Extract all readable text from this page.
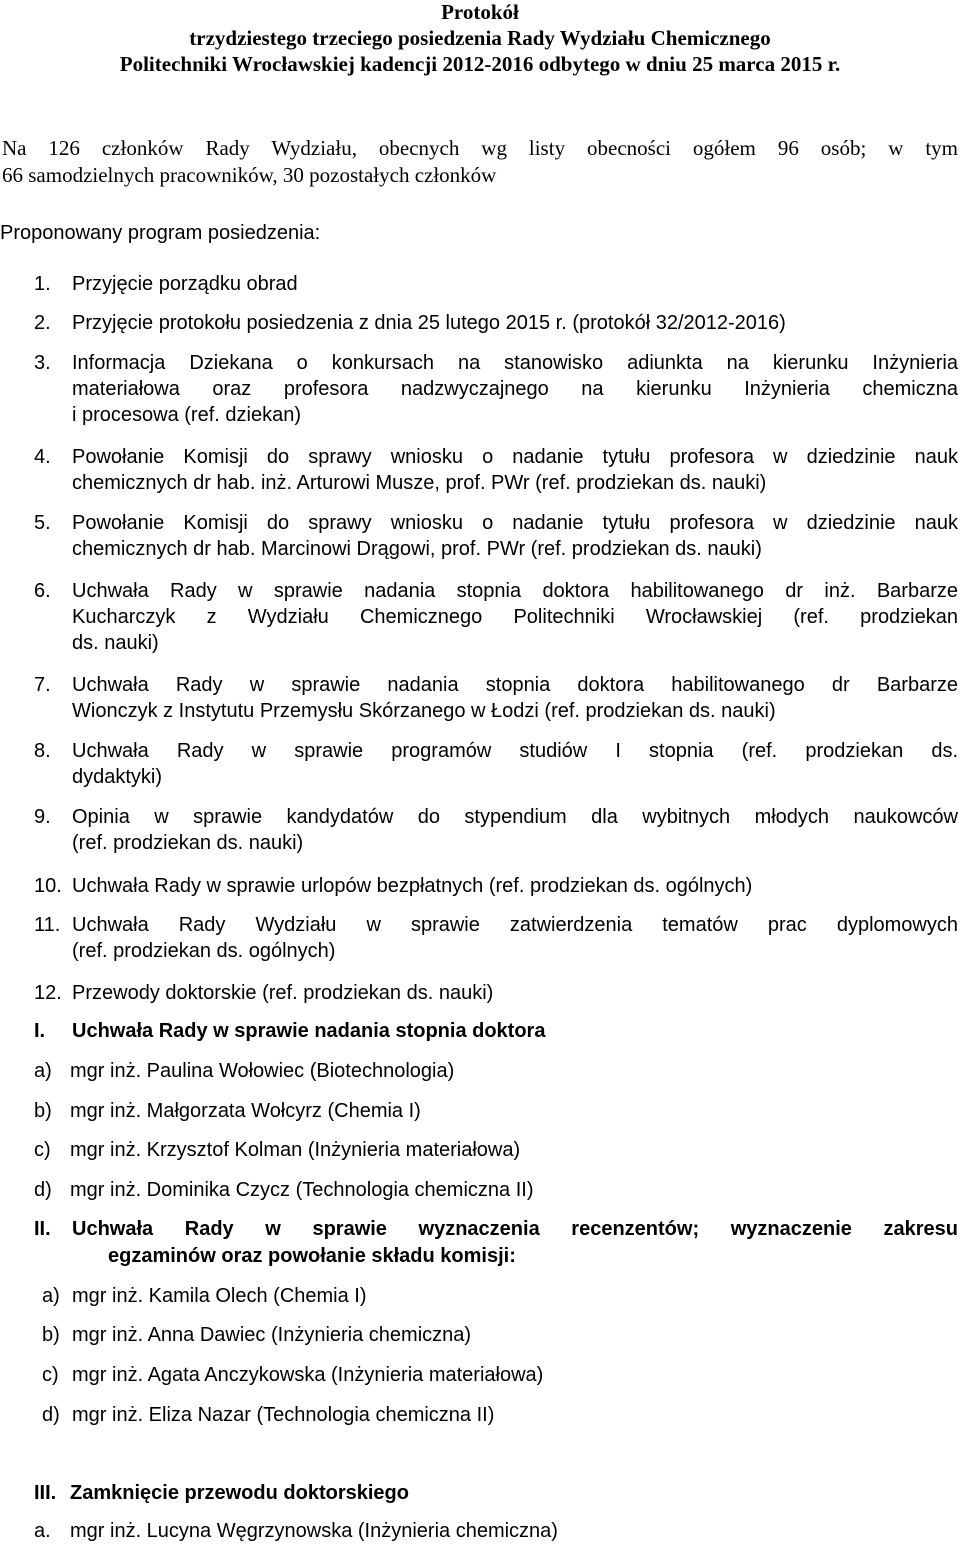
Protokół
trzydziestego trzeciego posiedzenia Rady Wydziału Chemicznego
Politechniki Wrocławskiej kadencji 2012-2016 odbytego w dniu 25 marca 2015 r.
Na 126 członków Rady Wydziału, obecnych wg listy obecności ogółem 96 osób; w tym
66 samodzielnych pracowników, 30 pozostałych członków
Proponowany program posiedzenia:
1. Przyjęcie porządku obrad
2. Przyjęcie protokołu posiedzenia z dnia 25 lutego 2015 r. (protokół 32/2012-2016)
3. Informacja Dziekana o konkursach na stanowisko adiunkta na kierunku Inżynieria
materiałowa oraz profesora nadzwyczajnego na kierunku Inżynieria chemiczna
i procesowa (ref. dziekan)
4. Powołanie Komisji do sprawy wniosku o nadanie tytułu profesora w dziedzinie nauk
chemicznych dr hab. inż. Arturowi Musze, prof. PWr (ref. prodziekan ds. nauki)
5. Powołanie Komisji do sprawy wniosku o nadanie tytułu profesora w dziedzinie nauk
chemicznych dr hab. Marcinowi Drągowi, prof. PWr (ref. prodziekan ds. nauki)
6. Uchwała Rady w sprawie nadania stopnia doktora habilitowanego dr inż. Barbarze
Kucharczyk z Wydziału Chemicznego Politechniki Wrocławskiej (ref. prodziekan
ds. nauki)
7. Uchwała Rady w sprawie nadania stopnia doktora habilitowanego dr Barbarze
Wionczyk z Instytutu Przemysłu Skórzanego w Łodzi (ref. prodziekan ds. nauki)
8. Uchwała Rady w sprawie programów studiów I stopnia (ref. prodziekan ds.
dydaktyki)
9. Opinia w sprawie kandydatów do stypendium dla wybitnych młodych naukowców
(ref. prodziekan ds. nauki)
10. Uchwała Rady w sprawie urlopów bezpłatnych (ref. prodziekan ds. ogólnych)
11. Uchwała Rady Wydziału w sprawie zatwierdzenia tematów prac dyplomowych
(ref. prodziekan ds. ogólnych)
12. Przewody doktorskie (ref. prodziekan ds. nauki)
I. Uchwała Rady w sprawie nadania stopnia doktora
a) mgr inż. Paulina Wołowiec (Biotechnologia)
b) mgr inż. Małgorzata Wołcyrz (Chemia I)
c) mgr inż. Krzysztof Kolman (Inżynieria materiałowa)
d) mgr inż. Dominika Czycz (Technologia chemiczna II)
II. Uchwała Rady w sprawie wyznaczenia recenzentów; wyznaczenie zakresu
egzaminów oraz powołanie składu komisji:
a) mgr inż. Kamila Olech (Chemia I)
b) mgr inż. Anna Dawiec (Inżynieria chemiczna)
c) mgr inż. Agata Anczykowska (Inżynieria materiałowa)
d) mgr inż. Eliza Nazar (Technologia chemiczna II)
III. Zamknięcie przewodu doktorskiego
a. mgr inż. Lucyna Węgrzynowska (Inżynieria chemiczna)
